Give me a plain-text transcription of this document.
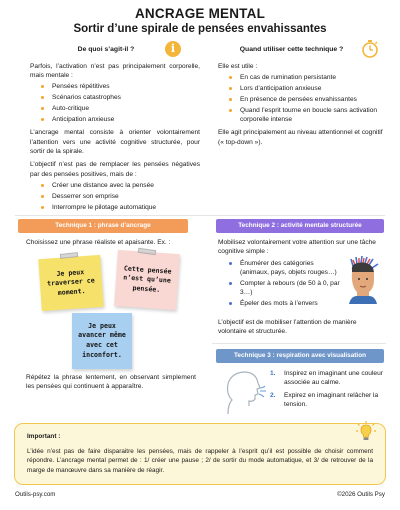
ANCRAGE MENTAL
Sortir d’une spirale de pensées envahissantes
De quoi s’agit-il ?
Parfois, l’activation n’est pas principalement corporelle, mais mentale :
Pensées répétitives
Scénarios catastrophes
Auto-critique
Anticipation anxieuse
L’ancrage mental consiste à orienter volontairement l’attention vers une activité cognitive structurée, pour sortir de la spirale.
L’objectif n’est pas de remplacer les pensées négatives par des pensées positives, mais de :
Créer une distance avec la pensée
Desserrer son emprise
Interrompre le pilotage automatique
i	Quand utiliser cette technique ?
Elle est utile :
En cas de rumination persistante
Lors d’anticipation anxieuse
En présence de pensées envahissantes
Quand l’esprit tourne en boucle sans activation corporelle intense
Elle agit principalement au niveau attentionnel et cognitif (« top-down »).
Technique 1 : phrase d’ancrage
Choisissez une phrase réaliste et apaisante. Ex. :
Je peux traverser ce moment.
Cette pensée n’est qu’une pensée.
Je peux avancer même avec cet inconfort.
Répétez la phrase lentement, en observant simplement les pensées qui continuent à apparaître.
Technique 2 : activité mentale structurée
Mobilisez volontairement votre attention sur une tâche cognitive simple :
Énumérer des catégories (animaux, pays, objets rouges…)
Compter à rebours (de 50 à 0, par 3…)
Épeler des mots à l’envers
L’objectif est de mobiliser l’attention de manière volontaire et structurée.
Technique 3 : respiration avec visualisation
1.	Inspirez en imaginant une couleur associée au calme.
2.	Expirez en imaginant relâcher la tension.
Important :
L’idée n’est pas de faire disparaitre les pensées, mais de rappeler à l’esprit qu’il est possible de choisir comment répondre. L’ancrage mental permet de : 1/ créer une pause ; 2/ de sortir du mode automatique, et 3/ de retrouver de la marge de manœuvre dans sa manière de réagir.
Outils-psy.com	©2026 Outils Psy
